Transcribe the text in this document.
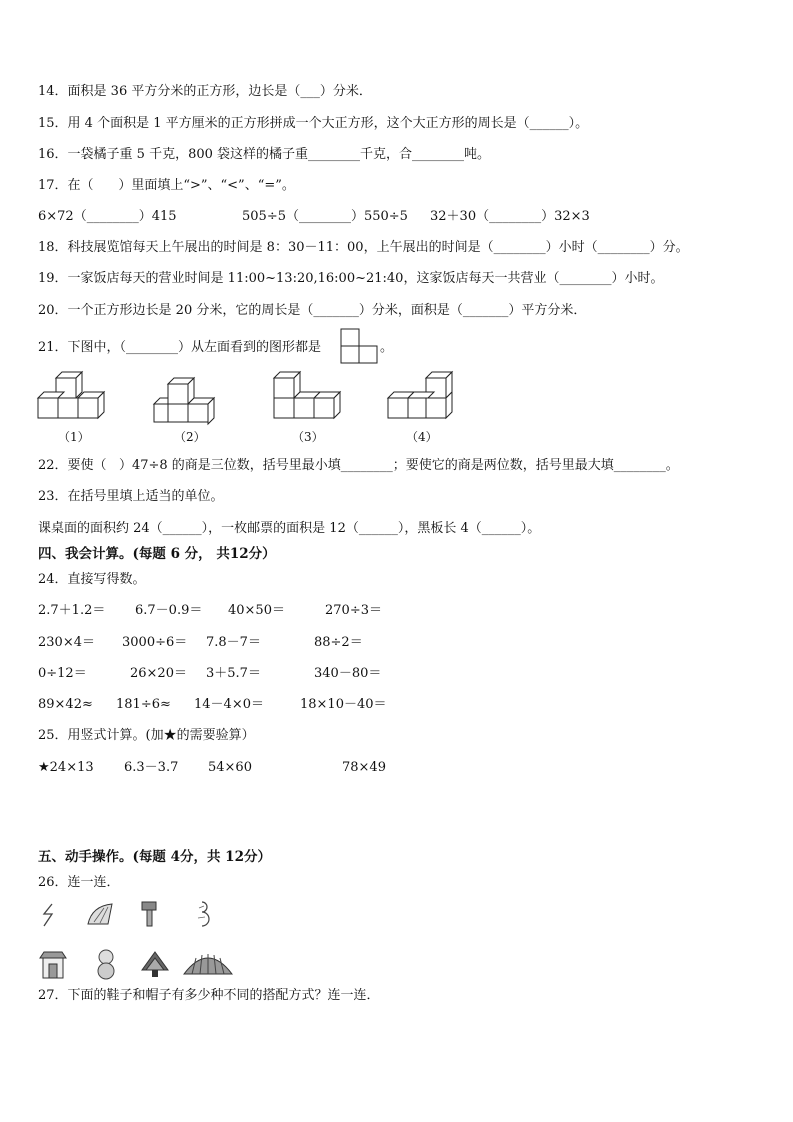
14．面积是 36 平方分米的正方形，边长是（___）分米．
15．用 4 个面积是 1 平方厘米的正方形拼成一个大正方形，这个大正方形的周长是（______）。
16．一袋橘子重 5 千克，800 袋这样的橘子重________千克，合________吨。
17．在（      ）里面填上“>”、“<”、“=”。
6×72（________）415	505÷5（________）550÷5 32＋30（________）32×3
18．科技展览馆每天上午展出的时间是 8：30－11：00，上午展出的时间是（________）小时（________）分。
19．一家饭店每天的营业时间是 11:00~13:20,16:00~21:40，这家饭店每天一共营业（________）小时。
20．一个正方形边长是 20 分米，它的周长是（_______）分米，面积是（_______）平方分米．
21．下图中，（________）从左面看到的图形都是	。
（1）	（2）	（3）	（4）
22．要使（   ）47÷8 的商是三位数，括号里最小填________；要使它的商是两位数，括号里最大填________。
23．在括号里填上适当的单位。
课桌面的面积约 24（______），一枚邮票的面积是 12（______），黑板长 4（______）。
四、我会计算。(每题 6 分， 共12分）
24．直接写得数。
2.7＋1.2＝ 6.7－0.9＝ 40×50＝	270÷3＝
230×4＝ 3000÷6＝ 7.8－7＝	88÷2＝
0÷12＝	26×20＝ 3＋5.7＝	340－80＝
89×42≈ 181÷6≈ 14－4×0＝	18×10－40＝
25．用竖式计算。(加★的需要验算）
★24×13 6.3－3.7 54×60	78×49
五、动手操作。(每题 4分，共 12分）
26．连一连．
27．下面的鞋子和帽子有多少种不同的搭配方式？连一连．
